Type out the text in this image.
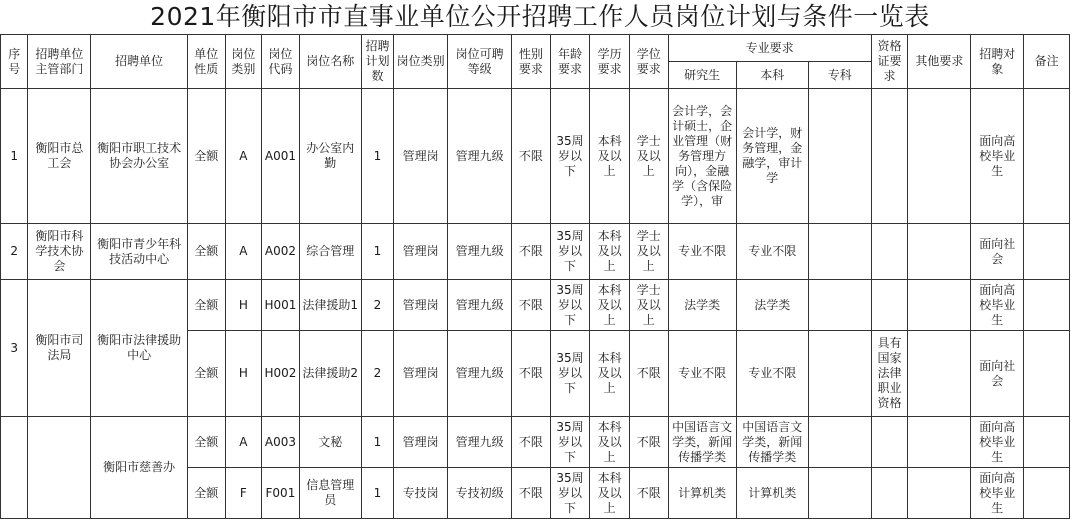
2021年衡阳市市直事业单位公开招聘工作人员岗位计划与条件一览表
序号	招聘单位主管部门	招聘单位	单位性质	岗位类别	岗位代码	岗位名称	招聘计划数	岗位类别	岗位可聘等级	性别要求	年龄要求	学历要求	学位要求	专业要求			资格证要求	其他要求	招聘对象	备注
														研究生	本科	专科				
1	衡阳市总工会	衡阳市职工技术协会办公室	全额	A	A001	办公室内勤	1	管理岗	管理九级	不限	35周岁以下	本科及以上	学士及以上	会计学，会计硕士，企业管理（财务管理方向），金融学（含保险学），审	会计学，财务管理，金融学，审计学				面向高校毕业生	
2	衡阳市科学技术协会	衡阳市青少年科技活动中心	全额	A	A002	综合管理	1	管理岗	管理九级	不限	35周岁以下	本科及以上	学士及以上	专业不限	专业不限				面向社会	
3	衡阳市司法局	衡阳市法律援助中心	全额	H	H001	法律援助1	2	管理岗	管理九级	不限	35周岁以下	本科及以上	学士及以上	法学类	法学类				面向高校毕业生	
			全额	H	H002	法律援助2	2	管理岗	管理九级	不限	35周岁以下	本科及以上	不限	专业不限	专业不限		具有国家法律职业资格		面向社会	
		衡阳市慈善办	全额	A	A003	文秘	1	管理岗	管理九级	不限	35周岁以下	本科及以上	不限	中国语言文学类，新闻传播学类	中国语言文学类，新闻传播学类				面向高校毕业生	
			全额	F	F001	信息管理员	1	专技岗	专技初级	不限	35周岁以下	本科及以上	不限	计算机类	计算机类				面向高校毕业生	
